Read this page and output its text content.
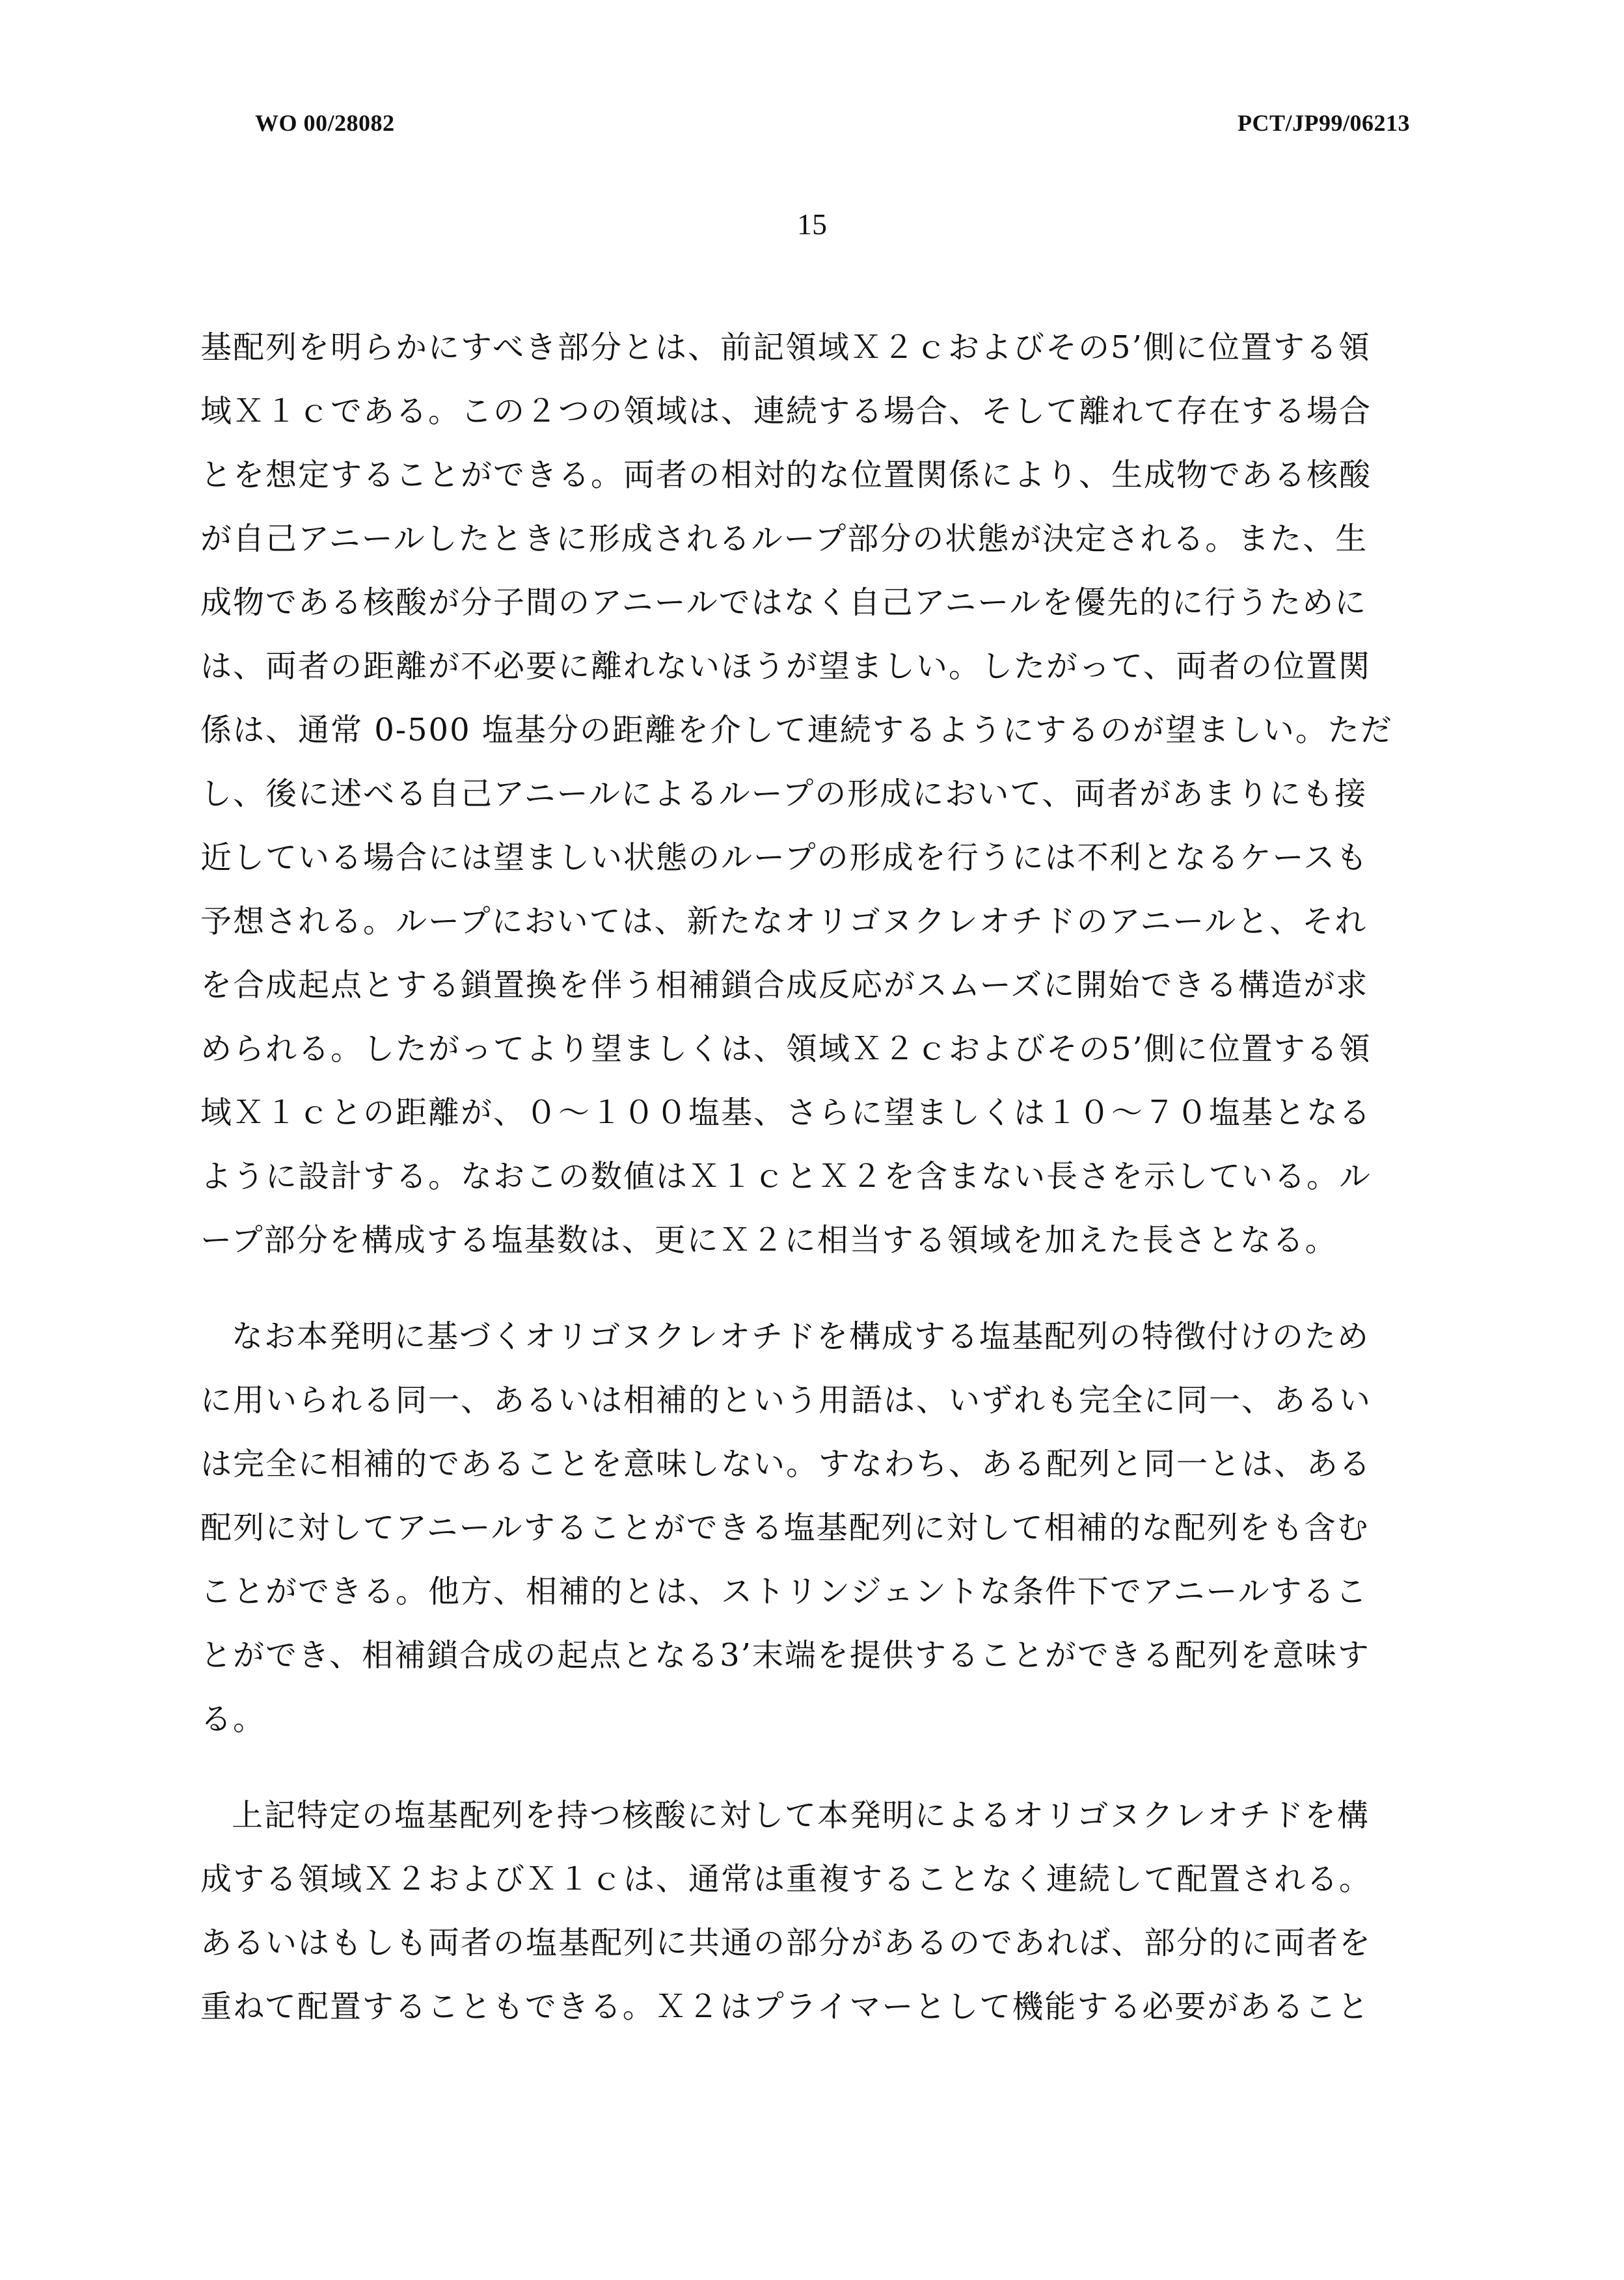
WO 00/28082	PCT/JP99/06213
15
基配列を明らかにすべき部分とは、前記領域Ｘ２ｃおよびその5’側に位置する領
域Ｘ１ｃである。この２つの領域は、連続する場合、そして離れて存在する場合
とを想定することができる。両者の相対的な位置関係により、生成物である核酸
が自己アニールしたときに形成されるループ部分の状態が決定される。また、生
成物である核酸が分子間のアニールではなく自己アニールを優先的に行うために
は、両者の距離が不必要に離れないほうが望ましい。したがって、両者の位置関
係は、通常 0-500 塩基分の距離を介して連続するようにするのが望ましい。ただ
し、後に述べる自己アニールによるループの形成において、両者があまりにも接
近している場合には望ましい状態のループの形成を行うには不利となるケースも
予想される。ループにおいては、新たなオリゴヌクレオチドのアニールと、それ
を合成起点とする鎖置換を伴う相補鎖合成反応がスムーズに開始できる構造が求
められる。したがってより望ましくは、領域Ｘ２ｃおよびその5’側に位置する領
域Ｘ１ｃとの距離が、０～１００塩基、さらに望ましくは１０～７０塩基となる
ように設計する。なおこの数値はＸ１ｃとＸ２を含まない長さを示している。ル
ープ部分を構成する塩基数は、更にＸ２に相当する領域を加えた長さとなる。
なお本発明に基づくオリゴヌクレオチドを構成する塩基配列の特徴付けのため
に用いられる同一、あるいは相補的という用語は、いずれも完全に同一、あるい
は完全に相補的であることを意味しない。すなわち、ある配列と同一とは、ある
配列に対してアニールすることができる塩基配列に対して相補的な配列をも含む
ことができる。他方、相補的とは、ストリンジェントな条件下でアニールするこ
とができ、相補鎖合成の起点となる3’末端を提供することができる配列を意味す
る。
上記特定の塩基配列を持つ核酸に対して本発明によるオリゴヌクレオチドを構
成する領域Ｘ２およびＸ１ｃは、通常は重複することなく連続して配置される。
あるいはもしも両者の塩基配列に共通の部分があるのであれば、部分的に両者を
重ねて配置することもできる。Ｘ２はプライマーとして機能する必要があること
